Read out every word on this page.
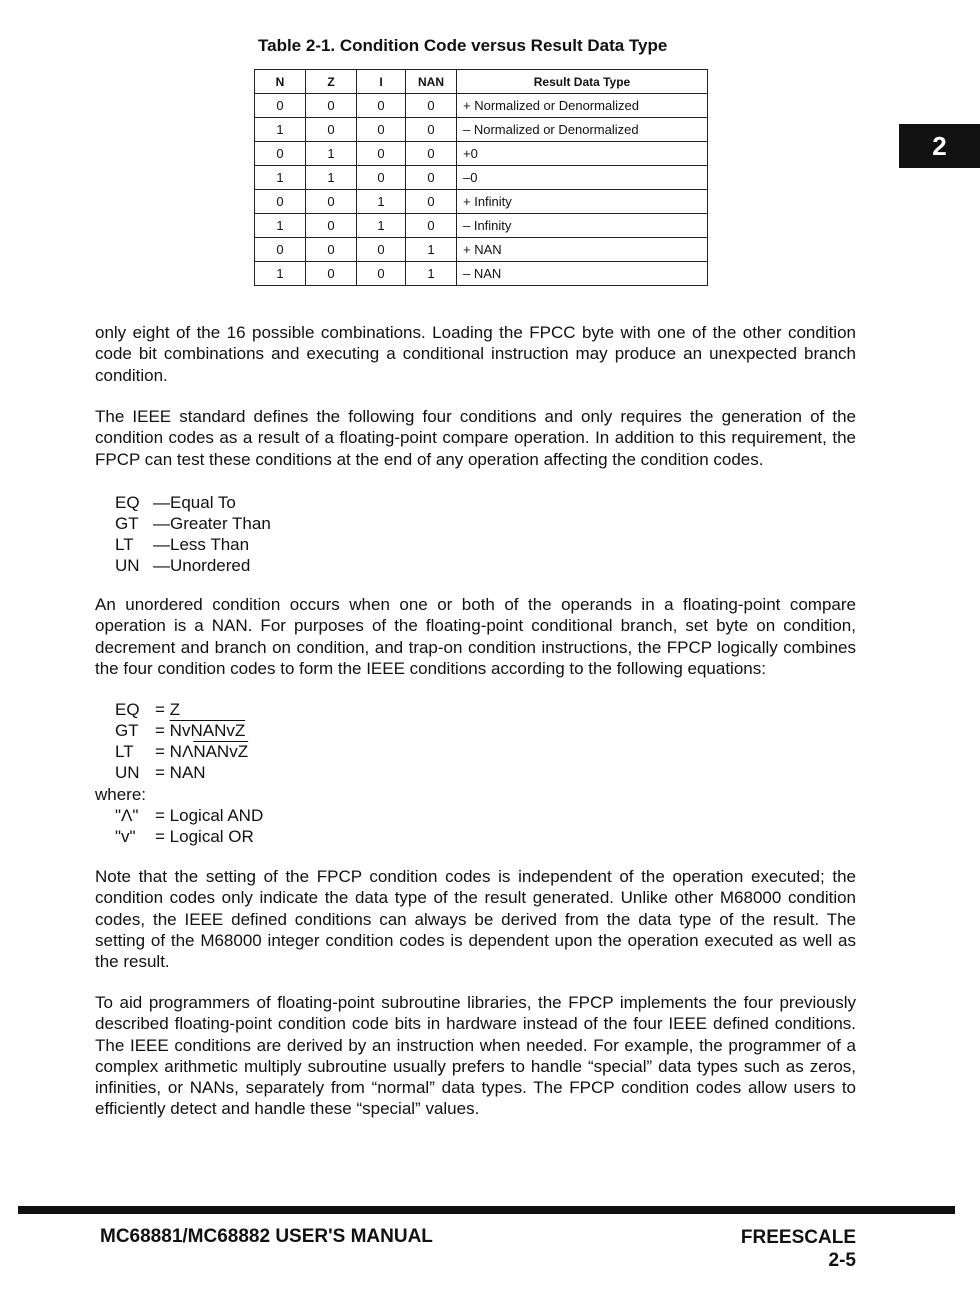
Table 2-1. Condition Code versus Result Data Type
N	Z	I	NAN	Result Data Type
0	0	0	0	+ Normalized or Denormalized
1	0	0	0	– Normalized or Denormalized
0	1	0	0	+0
1	1	0	0	–0
0	0	1	0	+ Infinity
1	0	1	0	– Infinity
0	0	0	1	+ NAN
1	0	0	1	– NAN
2

only eight of the 16 possible combinations. Loading the FPCC byte with one of the other condition code bit combinations and executing a conditional instruction may produce an unexpected branch condition.

The IEEE standard defines the following four conditions and only requires the generation of the condition codes as a result of a floating-point compare operation. In addition to this requirement, the FPCP can test these conditions at the end of any operation affecting the condition codes.

EQ —Equal To
GT —Greater Than
LT —Less Than
UN —Unordered

An unordered condition occurs when one or both of the operands in a floating-point compare operation is a NAN. For purposes of the floating-point conditional branch, set byte on condition, decrement and branch on condition, and trap-on condition instructions, the FPCP logically combines the four condition codes to form the IEEE conditions according to the following equations:

EQ = Z
GT = NvNANvZ
LT = $N\Lambda\overline{NAN}\overline{vZ}$
UN = NAN

where:

"Λ" = Logical AND
"v" = Logical OR

Note that the setting of the FPCP condition codes is independent of the operation executed; the condition codes only indicate the data type of the result generated. Unlike other M68000 condition codes, the IEEE defined conditions can always be derived from the data type of the result. The setting of the M68000 integer condition codes is dependent upon the operation executed as well as the result.

To aid programmers of floating-point subroutine libraries, the FPCP implements the four previously described floating-point condition code bits in hardware instead of the four IEEE defined conditions. The IEEE conditions are derived by an instruction when needed. For example, the programmer of a complex arithmetic multiply subroutine usually prefers to handle “special” data types such as zeros, infinities, or NANs, separately from “normal” data types. The FPCP condition codes allow users to efficiently detect and handle these “special” values.

MC68881/MC68882 USER'S MANUAL	FREESCALE
2-5
